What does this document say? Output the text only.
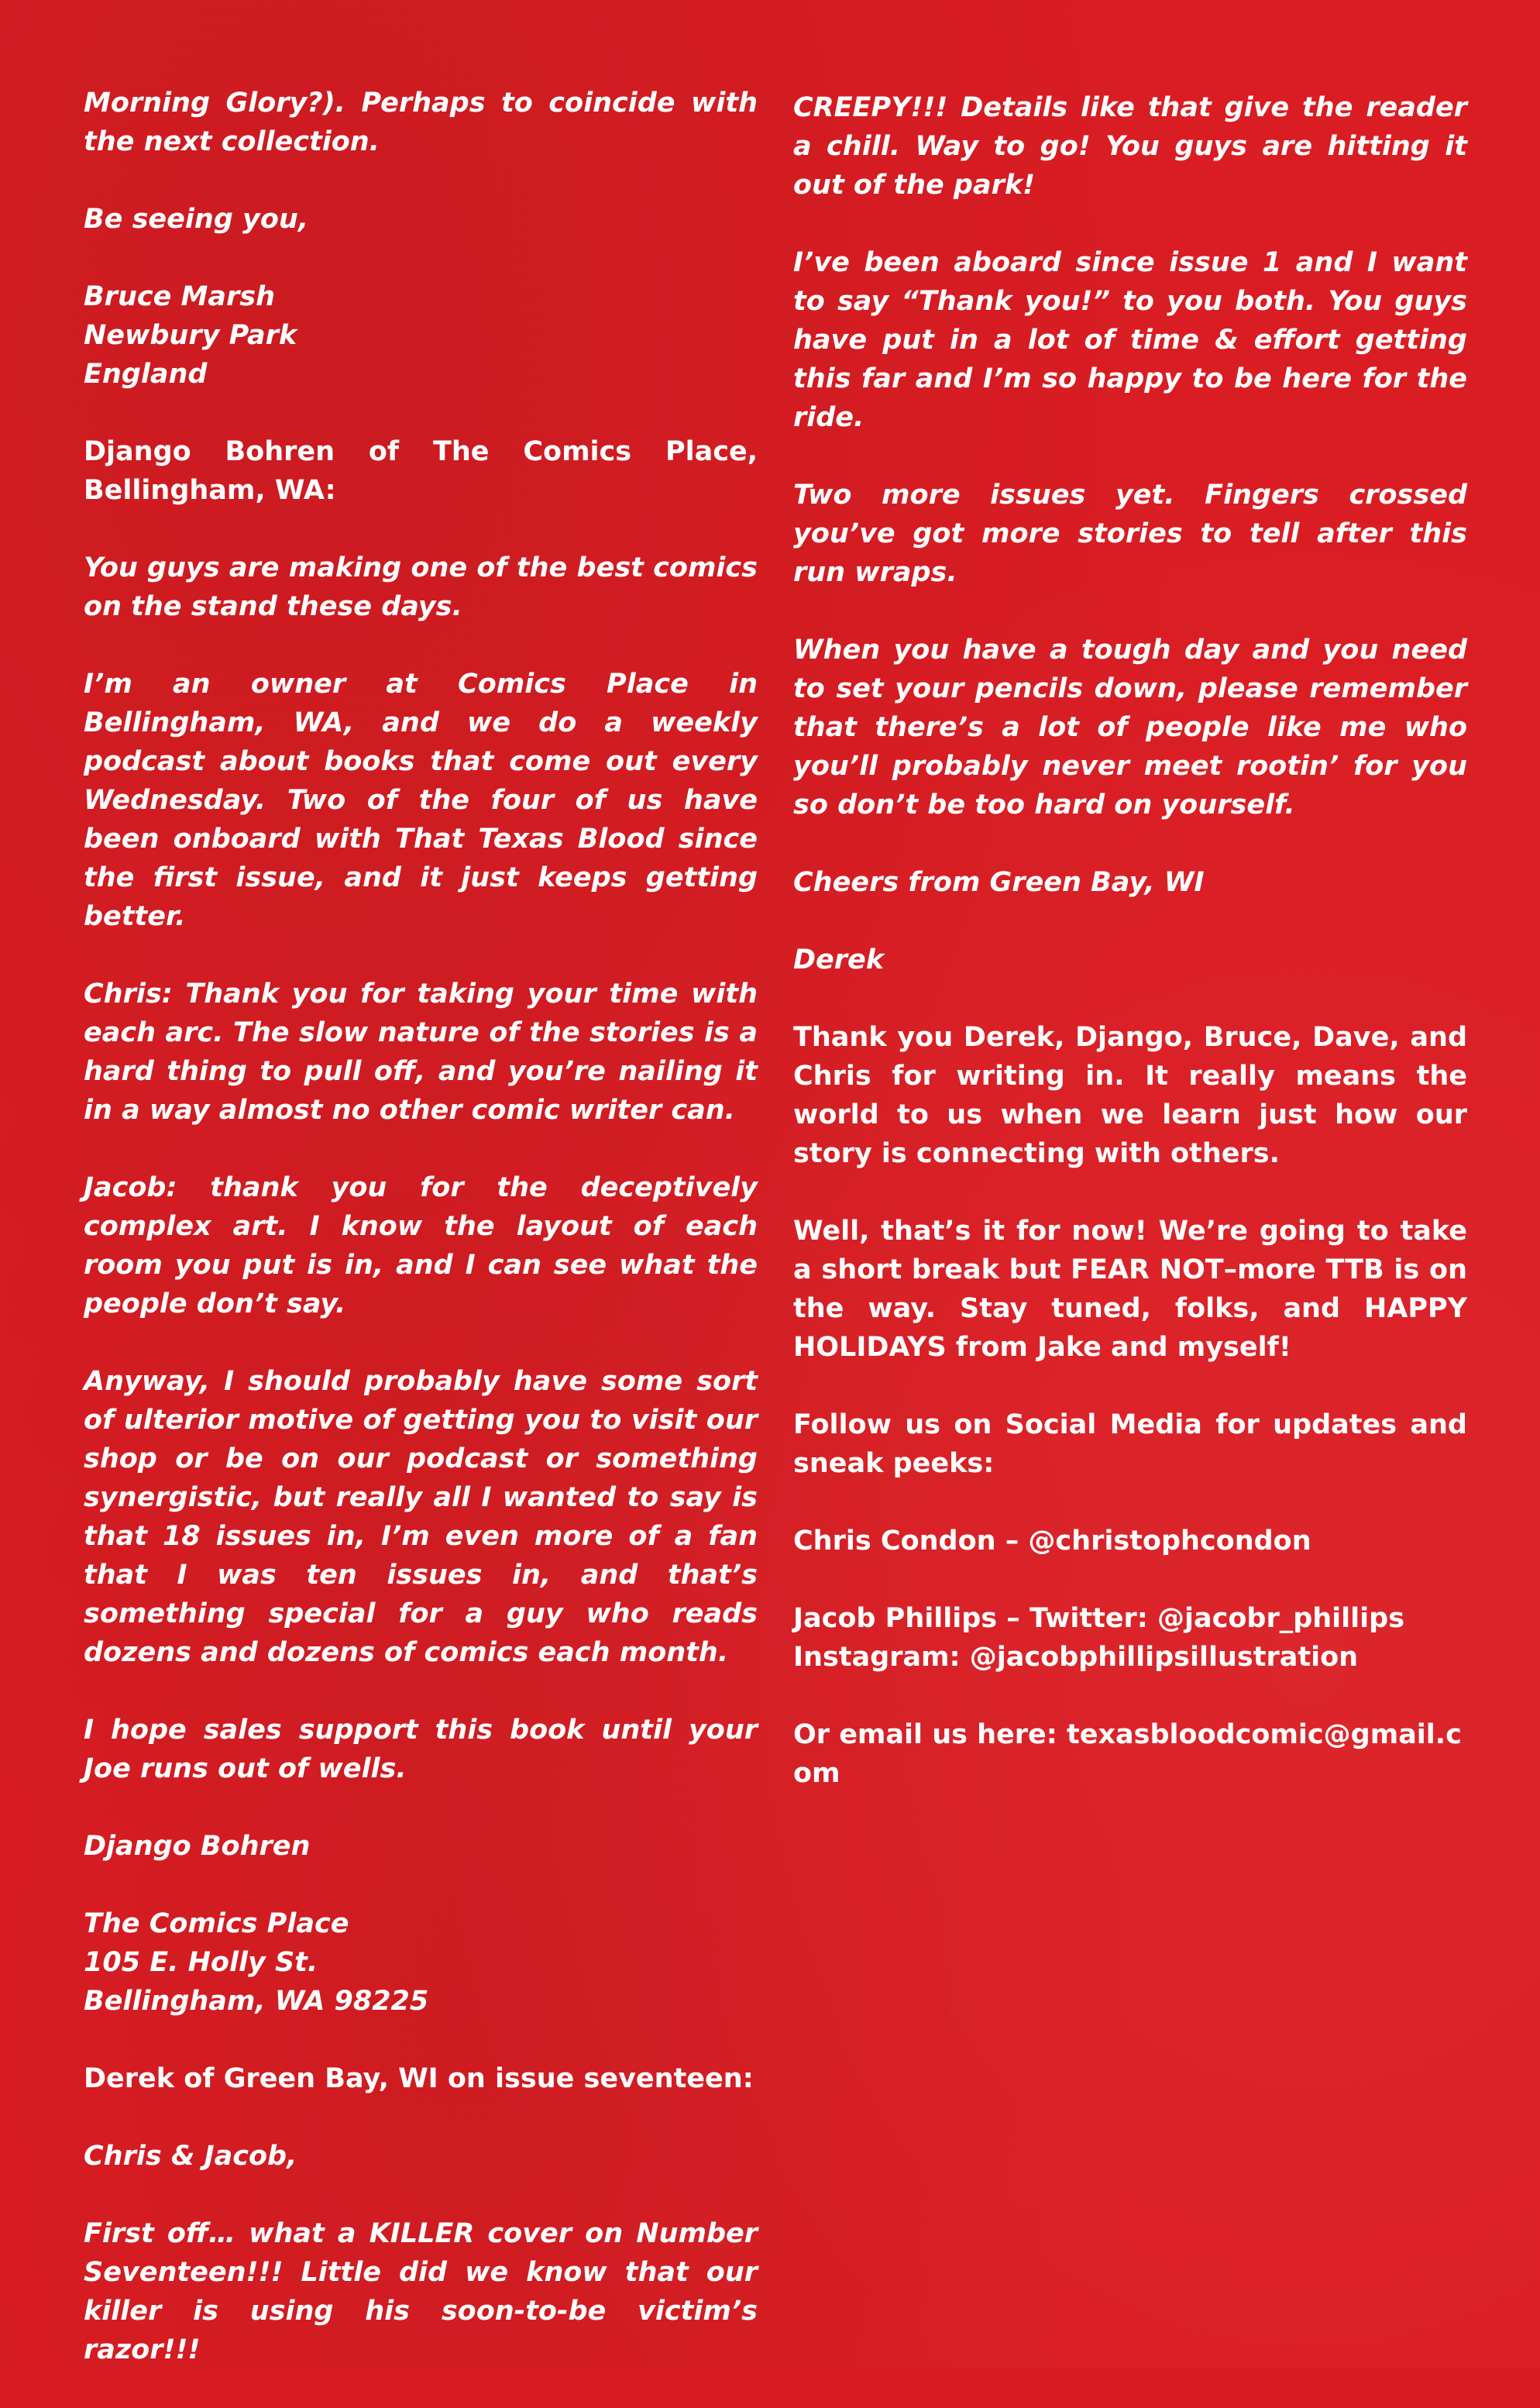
Morning Glory?). Perhaps to coincide with the next collection.

Be seeing you,

Bruce Marsh
Newbury Park
England

Django Bohren of The Comics Place, Bellingham, WA:

You guys are making one of the best comics on the stand these days.

I’m an owner at Comics Place in Bellingham, WA, and we do a weekly podcast about books that come out every Wednesday. Two of the four of us have been onboard with That Texas Blood since the first issue, and it just keeps getting better.

Chris: Thank you for taking your time with each arc. The slow nature of the stories is a hard thing to pull off, and you’re nailing it in a way almost no other comic writer can.

Jacob: thank you for the deceptively complex art. I know the layout of each room you put is in, and I can see what the people don’t say.

Anyway, I should probably have some sort of ulterior motive of getting you to visit our shop or be on our podcast or something synergistic, but really all I wanted to say is that 18 issues in, I’m even more of a fan that I was ten issues in, and that’s something special for a guy who reads dozens and dozens of comics each month.

I hope sales support this book until your Joe runs out of wells.

Django Bohren

The Comics Place
105 E. Holly St.
Bellingham, WA 98225

Derek of Green Bay, WI on issue seventeen:

Chris & Jacob,

First off… what a KILLER cover on Number Seventeen!!! Little did we know that our killer is using his soon-to-be victim’s razor!!!

CREEPY!!! Details like that give the reader a chill. Way to go! You guys are hitting it out of the park!

I’ve been aboard since issue 1 and I want to say “Thank you!” to you both. You guys have put in a lot of time & effort getting this far and I’m so happy to be here for the ride.

Two more issues yet. Fingers crossed you’ve got more stories to tell after this run wraps.

When you have a tough day and you need to set your pencils down, please remember that there’s a lot of people like me who you’ll probably never meet rootin’ for you so don’t be too hard on yourself.

Cheers from Green Bay, WI

Derek

Thank you Derek, Django, Bruce, Dave, and Chris for writing in. It really means the world to us when we learn just how our story is connecting with others.

Well, that’s it for now! We’re going to take a short break but FEAR NOT–more TTB is on the way. Stay tuned, folks, and HAPPY HOLIDAYS from Jake and myself!

Follow us on Social Media for updates and sneak peeks:

Chris Condon – @christophcondon

Jacob Phillips – Twitter: @jacobr_phillips
Instagram: @jacobphillipsillustration

Or email us here: texasbloodcomic@gmail.com
